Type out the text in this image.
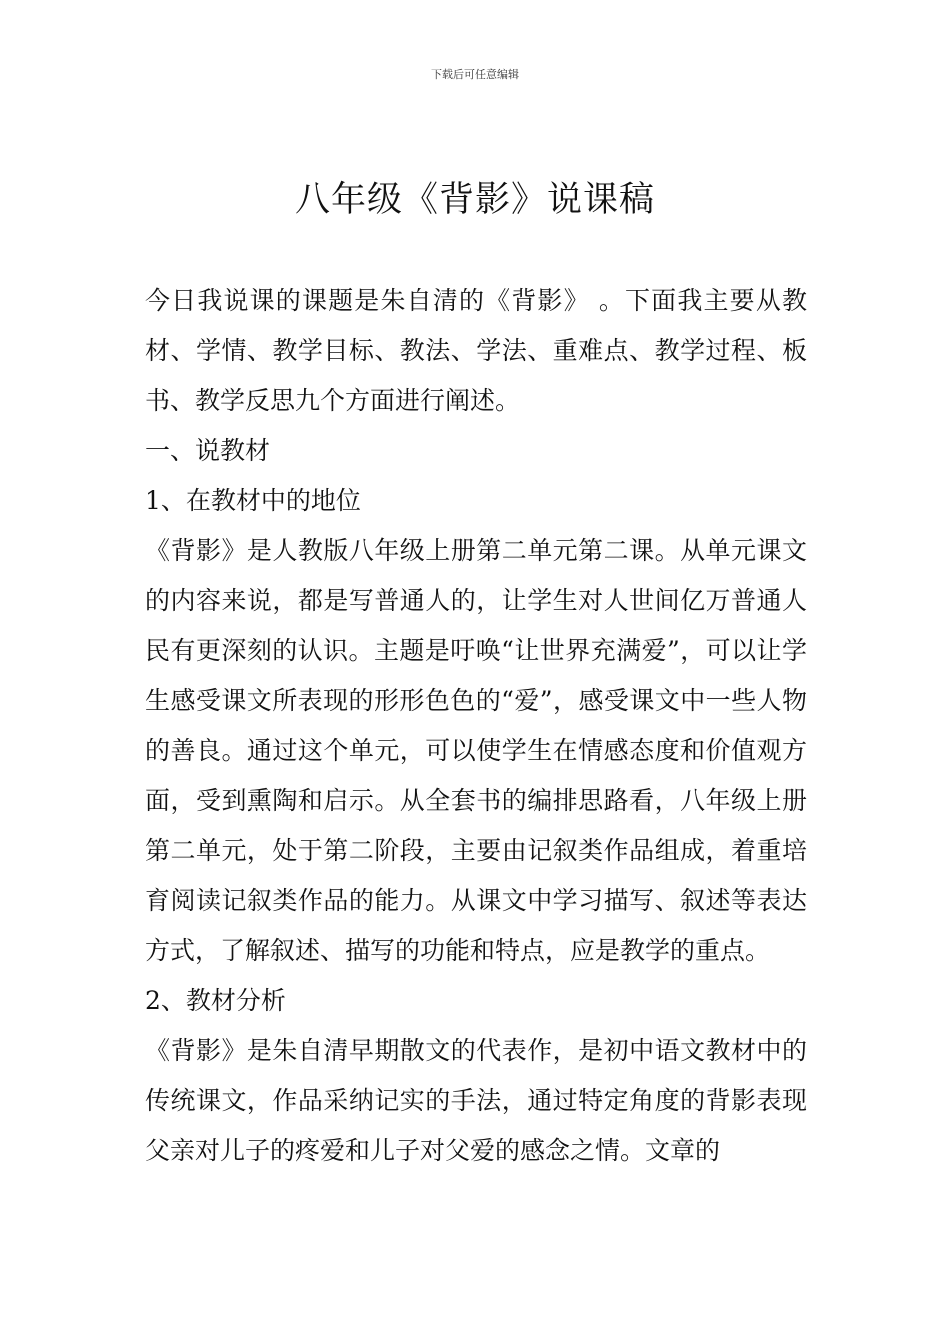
下载后可任意编辑
八年级《背影》说课稿

今日我说课的课题是朱自清的《背影》 。下面我主要从教材、学情、教学目标、教法、学法、重难点、教学过程、板书、教学反思九个方面进行阐述。

一、说教材

1、在教材中的地位

《背影》是人教版八年级上册第二单元第二课。从单元课文的内容来说，都是写普通人的，让学生对人世间亿万普通人民有更深刻的认识。主题是吁唤“让世界充满爱”，可以让学生感受课文所表现的形形色色的“爱”，感受课文中一些人物的善良。通过这个单元，可以使学生在情感态度和价值观方面，受到熏陶和启示。从全套书的编排思路看，八年级上册第二单元，处于第二阶段，主要由记叙类作品组成，着重培育阅读记叙类作品的能力。从课文中学习描写、叙述等表达方式，了解叙述、描写的功能和特点，应是教学的重点。

2、教材分析

《背影》是朱自清早期散文的代表作，是初中语文教材中的传统课文，作品采纳记实的手法，通过特定角度的背影表现父亲对儿子的疼爱和儿子对父爱的感念之情。文章的
